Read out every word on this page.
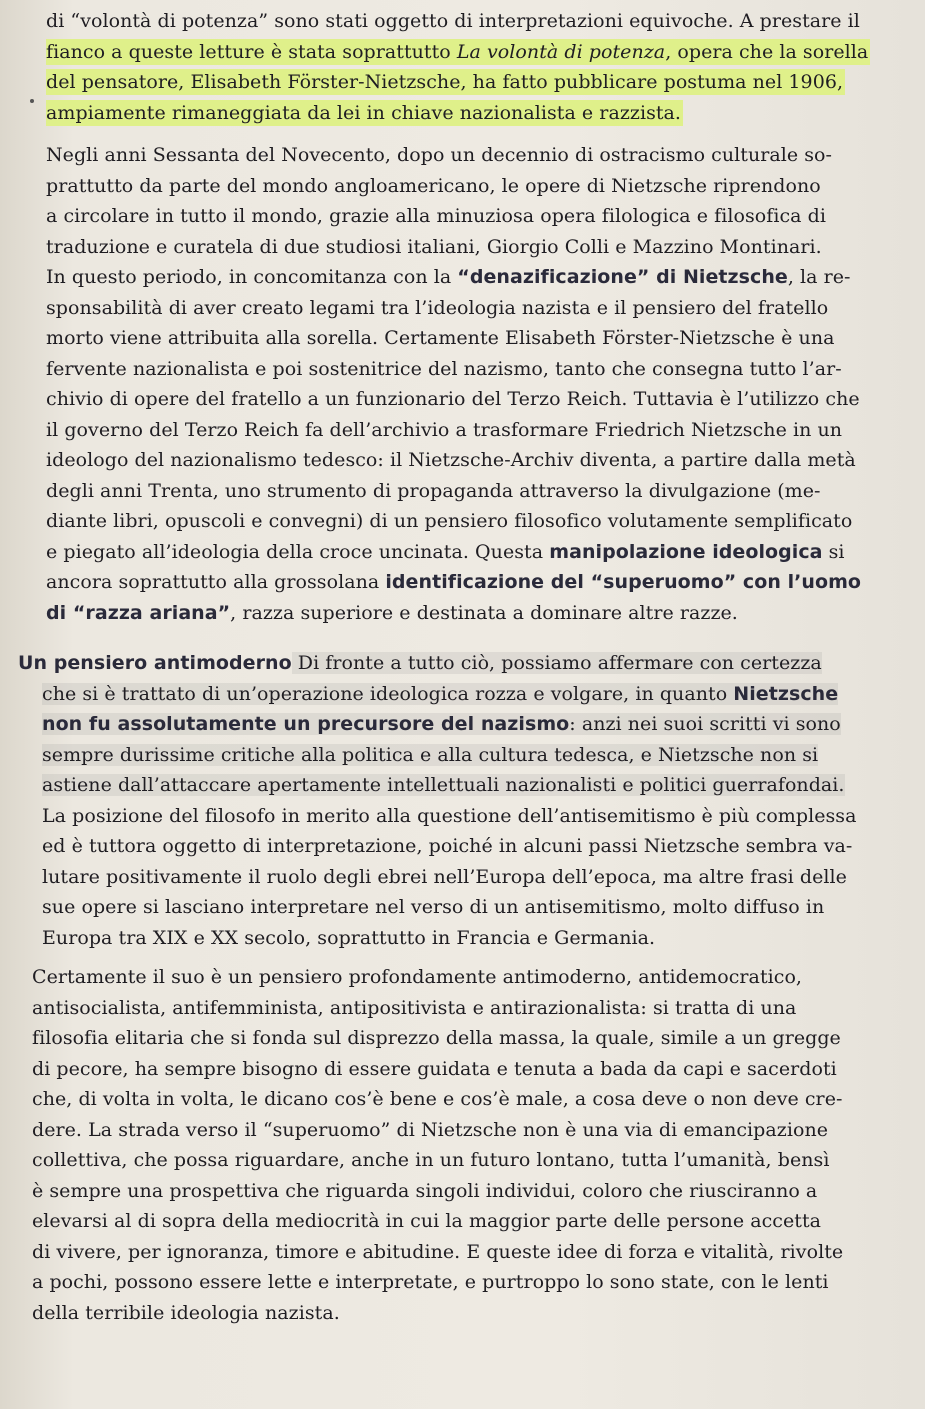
di “volontà di potenza” sono stati oggetto di interpretazioni equivoche. A prestare il
fianco a queste letture è stata soprattutto La volontà di potenza, opera che la sorella
del pensatore, Elisabeth Förster-Nietzsche, ha fatto pubblicare postuma nel 1906,
ampiamente rimaneggiata da lei in chiave nazionalista e razzista.
Negli anni Sessanta del Novecento, dopo un decennio di ostracismo culturale so-
prattutto da parte del mondo angloamericano, le opere di Nietzsche riprendono
a circolare in tutto il mondo, grazie alla minuziosa opera filologica e filosofica di
traduzione e curatela di due studiosi italiani, Giorgio Colli e Mazzino Montinari.
In questo periodo, in concomitanza con la “denazificazione” di Nietzsche, la re-
sponsabilità di aver creato legami tra l’ideologia nazista e il pensiero del fratello
morto viene attribuita alla sorella. Certamente Elisabeth Förster-Nietzsche è una
fervente nazionalista e poi sostenitrice del nazismo, tanto che consegna tutto l’ar-
chivio di opere del fratello a un funzionario del Terzo Reich. Tuttavia è l’utilizzo che
il governo del Terzo Reich fa dell’archivio a trasformare Friedrich Nietzsche in un
ideologo del nazionalismo tedesco: il Nietzsche-Archiv diventa, a partire dalla metà
degli anni Trenta, uno strumento di propaganda attraverso la divulgazione (me-
diante libri, opuscoli e convegni) di un pensiero filosofico volutamente semplificato
e piegato all’ideologia della croce uncinata. Questa manipolazione ideologica si
ancora soprattutto alla grossolana identificazione del “superuomo” con l’uomo
di “razza ariana”, razza superiore e destinata a dominare altre razze.
Un pensiero antimoderno Di fronte a tutto ciò, possiamo affermare con certezza
che si è trattato di un’operazione ideologica rozza e volgare, in quanto Nietzsche
non fu assolutamente un precursore del nazismo: anzi nei suoi scritti vi sono
sempre durissime critiche alla politica e alla cultura tedesca, e Nietzsche non si
astiene dall’attaccare apertamente intellettuali nazionalisti e politici guerrafondai.
La posizione del filosofo in merito alla questione dell’antisemitismo è più complessa
ed è tuttora oggetto di interpretazione, poiché in alcuni passi Nietzsche sembra va-
lutare positivamente il ruolo degli ebrei nell’Europa dell’epoca, ma altre frasi delle
sue opere si lasciano interpretare nel verso di un antisemitismo, molto diffuso in
Europa tra XIX e XX secolo, soprattutto in Francia e Germania.
Certamente il suo è un pensiero profondamente antimoderno, antidemocratico,
antisocialista, antifemminista, antipositivista e antirazionalista: si tratta di una
filosofia elitaria che si fonda sul disprezzo della massa, la quale, simile a un gregge
di pecore, ha sempre bisogno di essere guidata e tenuta a bada da capi e sacerdoti
che, di volta in volta, le dicano cos’è bene e cos’è male, a cosa deve o non deve cre-
dere. La strada verso il “superuomo” di Nietzsche non è una via di emancipazione
collettiva, che possa riguardare, anche in un futuro lontano, tutta l’umanità, bensì
è sempre una prospettiva che riguarda singoli individui, coloro che riusciranno a
elevarsi al di sopra della mediocrità in cui la maggior parte delle persone accetta
di vivere, per ignoranza, timore e abitudine. E queste idee di forza e vitalità, rivolte
a pochi, possono essere lette e interpretate, e purtroppo lo sono state, con le lenti
della terribile ideologia nazista.
